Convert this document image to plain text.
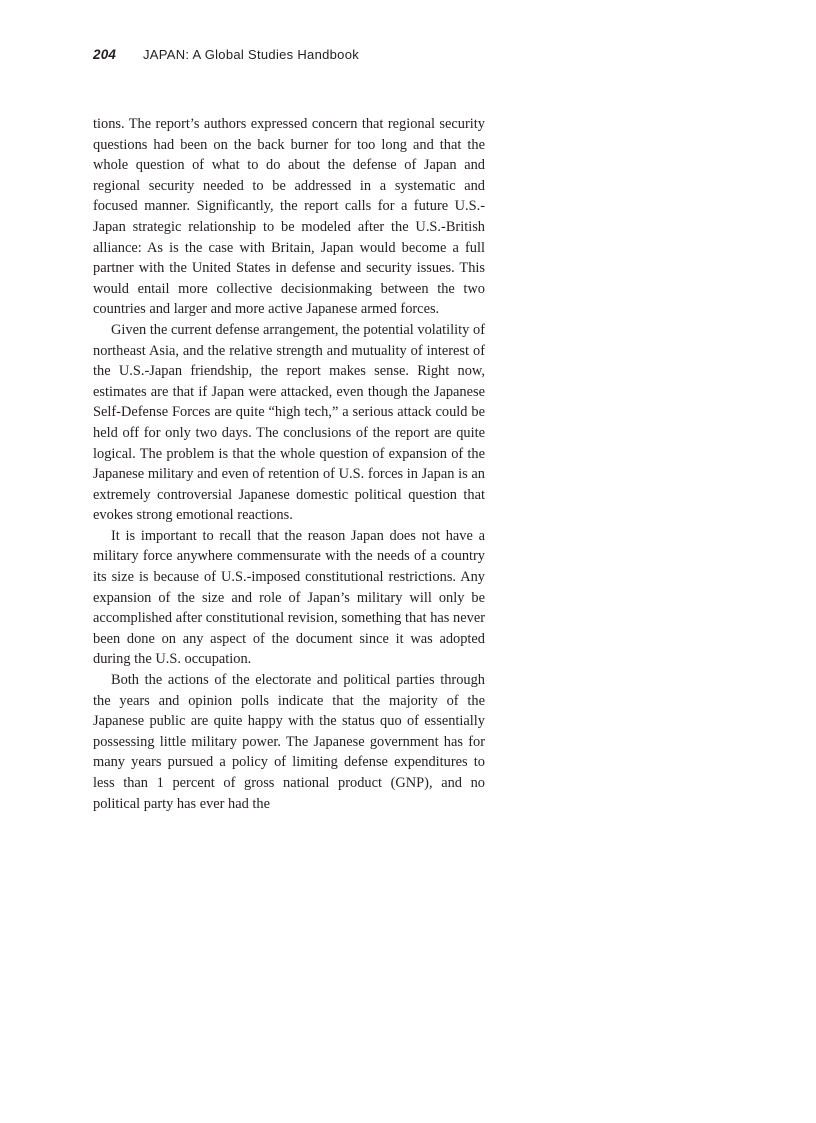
204	JAPAN: A Global Studies Handbook

tions. The report’s authors expressed concern that regional security questions had been on the back burner for too long and that the whole question of what to do about the defense of Japan and regional security needed to be addressed in a systematic and focused manner. Significantly, the report calls for a future U.S.-Japan strategic relationship to be modeled after the U.S.-British alliance: As is the case with Britain, Japan would become a full partner with the United States in defense and security issues. This would entail more collective decisionmaking between the two countries and larger and more active Japanese armed forces.

Given the current defense arrangement, the potential volatility of northeast Asia, and the relative strength and mutuality of interest of the U.S.-Japan friendship, the report makes sense. Right now, estimates are that if Japan were attacked, even though the Japanese Self-Defense Forces are quite “high tech,” a serious attack could be held off for only two days. The conclusions of the report are quite logical. The problem is that the whole question of expansion of the Japanese military and even of retention of U.S. forces in Japan is an extremely controversial Japanese domestic political question that evokes strong emotional reactions.

It is important to recall that the reason Japan does not have a military force anywhere commensurate with the needs of a country its size is because of U.S.-imposed constitutional restrictions. Any expansion of the size and role of Japan’s military will only be accomplished after constitutional revision, something that has never been done on any aspect of the document since it was adopted during the U.S. occupation.

Both the actions of the electorate and political parties through the years and opinion polls indicate that the majority of the Japanese public are quite happy with the status quo of essentially possessing little military power. The Japanese government has for many years pursued a policy of limiting defense expenditures to less than 1 percent of gross national product (GNP), and no political party has ever had the
